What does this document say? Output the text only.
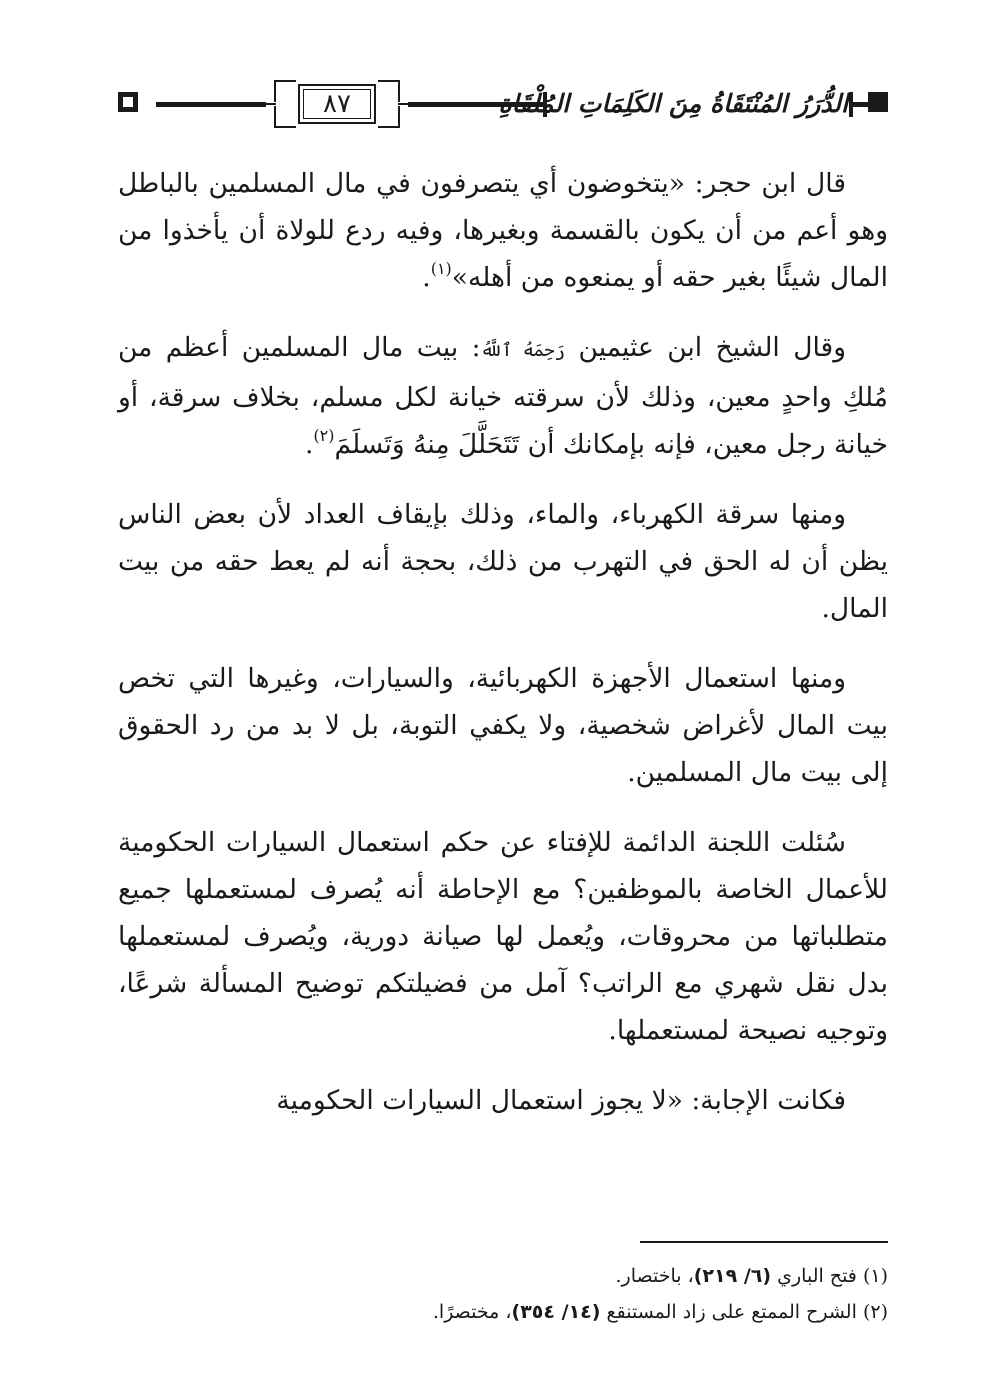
٨٧	الدُّرَرُ المُنْتَقَاةُ مِنَ الكَلِمَاتِ المُلْقَاةِ

قال ابن حجر: «يتخوضون أي يتصرفون في مال المسلمين بالباطل وهو أعم من أن يكون بالقسمة وبغيرها، وفيه ردع للولاة أن يأخذوا من المال شيئًا بغير حقه أو يمنعوه من أهله»$^{(١)}$.

وقال الشيخ ابن عثيمين رَحِمَهُ ٱللَّهُ: بيت مال المسلمين أعظم من مُلكِ واحدٍ معين، وذلك لأن سرقته خيانة لكل مسلم، بخلاف سرقة، أو خيانة رجل معين، فإنه بإمكانك أن تَتَحَلَّلَ مِنهُ وَتَسلَمَ$^{(٢)}$.

ومنها سرقة الكهرباء، والماء، وذلك بإيقاف العداد لأن بعض الناس يظن أن له الحق في التهرب من ذلك، بحجة أنه لم يعط حقه من بيت المال.

ومنها استعمال الأجهزة الكهربائية، والسيارات، وغيرها التي تخص بيت المال لأغراض شخصية، ولا يكفي التوبة، بل لا بد من رد الحقوق إلى بيت مال المسلمين.

سُئلت اللجنة الدائمة للإفتاء عن حكم استعمال السيارات الحكومية للأعمال الخاصة بالموظفين؟ مع الإحاطة أنه يُصرف لمستعملها جميع متطلباتها من محروقات، ويُعمل لها صيانة دورية، ويُصرف لمستعملها بدل نقل شهري مع الراتب؟ آمل من فضيلتكم توضيح المسألة شرعًا، وتوجيه نصيحة لمستعملها.

فكانت الإجابة: «لا يجوز استعمال السيارات الحكومية

(١) فتح الباري (٦/ ٢١٩)، باختصار.
(٢) الشرح الممتع على زاد المستنقع (١٤/ ٣٥٤)، مختصرًا.
